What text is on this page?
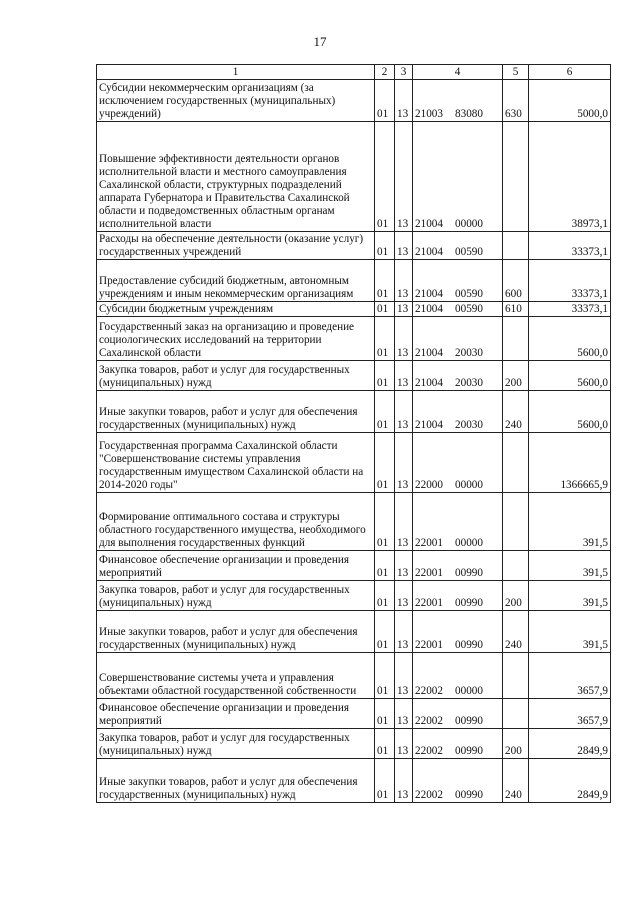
17
1	2	3	4	5	6
Субсидии некоммерческим организациям (за исключением государственных (муниципальных) учреждений)	01	13	21003 83080	630	5000,0
Повышение эффективности деятельности органов исполнительной власти и местного самоуправления Сахалинской области, структурных подразделений аппарата Губернатора и Правительства Сахалинской области и подведомственных областным органам исполнительной власти	01	13	21004 00000		38973,1
Расходы на обеспечение деятельности (оказание услуг) государственных учреждений	01	13	21004 00590		33373,1
Предоставление субсидий бюджетным, автономным учреждениям и иным некоммерческим организациям	01	13	21004 00590	600	33373,1
Субсидии бюджетным учреждениям	01	13	21004 00590	610	33373,1
Государственный заказ на организацию и проведение социологических исследований на территории Сахалинской области	01	13	21004 20030		5600,0
Закупка товаров, работ и услуг для государственных (муниципальных) нужд	01	13	21004 20030	200	5600,0
Иные закупки товаров, работ и услуг для обеспечения государственных (муниципальных) нужд	01	13	21004 20030	240	5600,0
Государственная программа Сахалинской области "Совершенствование системы управления государственным имуществом Сахалинской области на 2014-2020 годы"	01	13	22000 00000		1366665,9
Формирование оптимального состава и структуры областного государственного имущества, необходимого для выполнения государственных функций	01	13	22001 00000		391,5
Финансовое обеспечение организации и проведения мероприятий	01	13	22001 00990		391,5
Закупка товаров, работ и услуг для государственных (муниципальных) нужд	01	13	22001 00990	200	391,5
Иные закупки товаров, работ и услуг для обеспечения государственных (муниципальных) нужд	01	13	22001 00990	240	391,5
Совершенствование системы учета и управления объектами областной государственной собственности	01	13	22002 00000		3657,9
Финансовое обеспечение организации и проведения мероприятий	01	13	22002 00990		3657,9
Закупка товаров, работ и услуг для государственных (муниципальных) нужд	01	13	22002 00990	200	2849,9
Иные закупки товаров, работ и услуг для обеспечения государственных (муниципальных) нужд	01	13	22002 00990	240	2849,9
